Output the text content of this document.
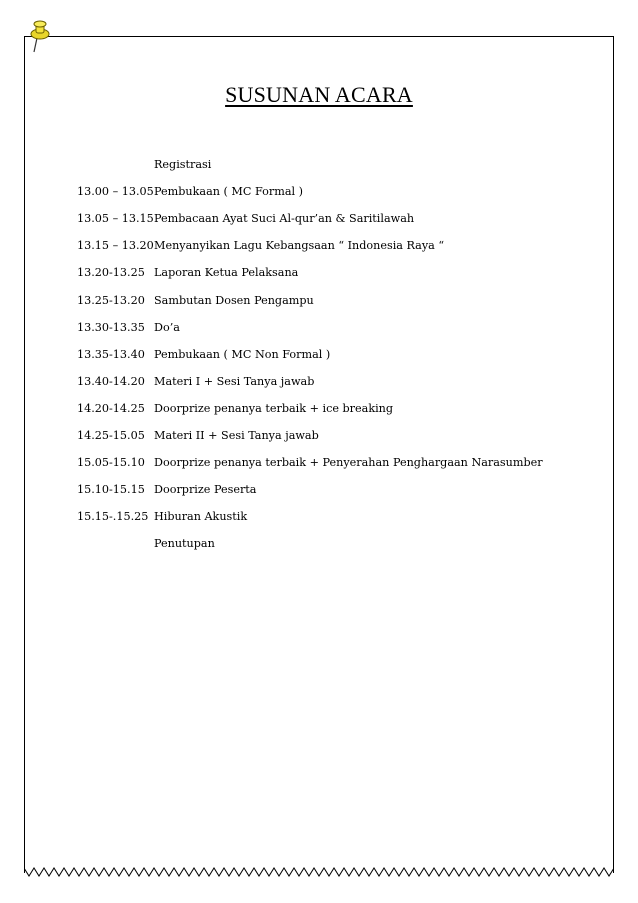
SUSUNAN ACARA
Registrasi
13.00 – 13.05 Pembukaan ( MC Formal )
13.05 – 13.15 Pembacaan Ayat Suci Al-qur’an & Saritilawah
13.15 – 13.20 Menyanyikan Lagu Kebangsaan “ Indonesia Raya “
13.20-13.25 Laporan Ketua Pelaksana
13.25-13.20 Sambutan Dosen Pengampu
13.30-13.35 Do’a
13.35-13.40 Pembukaan ( MC Non Formal )
13.40-14.20 Materi I + Sesi Tanya jawab
14.20-14.25 Doorprize penanya terbaik + ice breaking
14.25-15.05 Materi II + Sesi Tanya jawab
15.05-15.10 Doorprize penanya terbaik + Penyerahan Penghargaan Narasumber
15.10-15.15 Doorprize Peserta
15.15-.15.25 Hiburan Akustik
Penutupan
